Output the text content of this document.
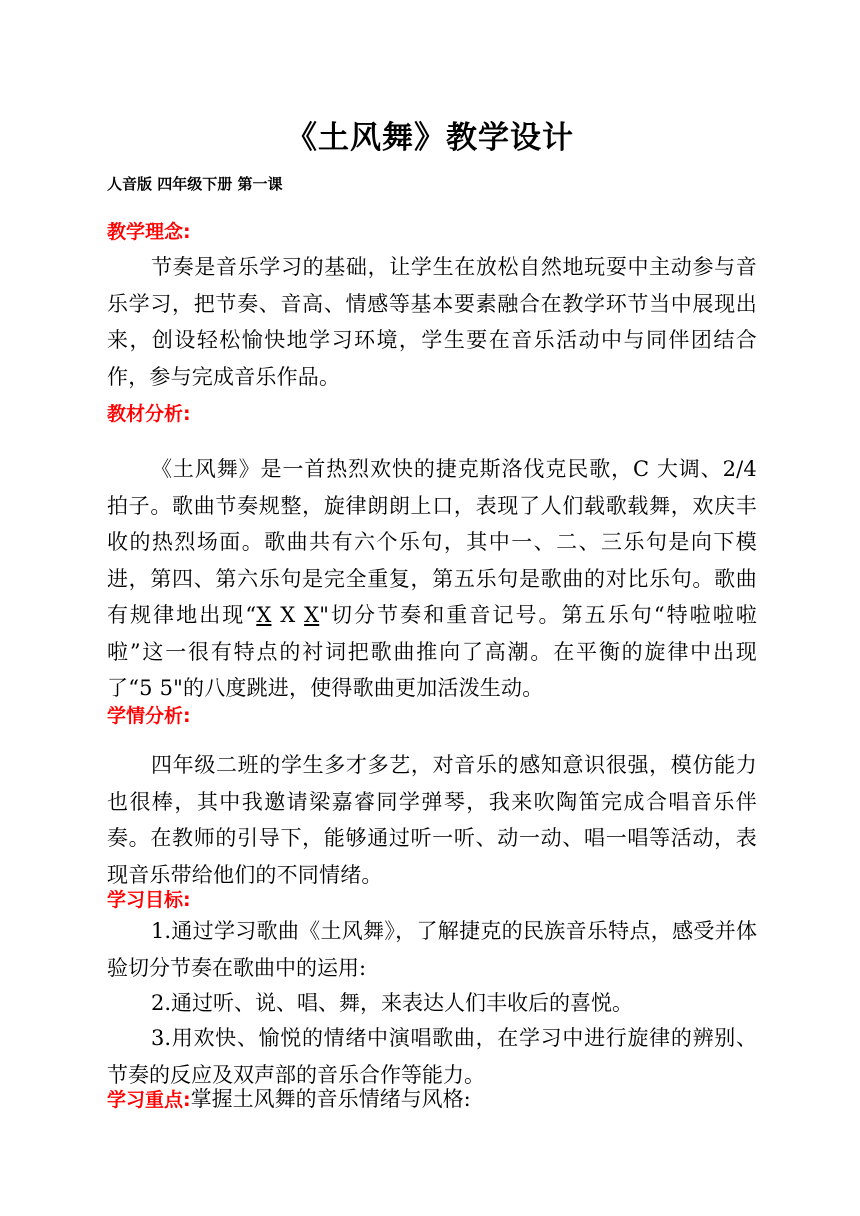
《土风舞》教学设计
人音版 四年级下册 第一课
教学理念:

节奏是音乐学习的基础，让学生在放松自然地玩耍中主动参与音乐学习，把节奏、音高、情感等基本要素融合在教学环节当中展现出来，创设轻松愉快地学习环境，学生要在音乐活动中与同伴团结合作，参与完成音乐作品。

教材分析:

《土风舞》是一首热烈欢快的捷克斯洛伐克民歌，C 大调、2/4 拍子。歌曲节奏规整，旋律朗朗上口，表现了人们载歌载舞，欢庆丰收的热烈场面。歌曲共有六个乐句，其中一、二、三乐句是向下模进，第四、第六乐句是完全重复，第五乐句是歌曲的对比乐句。歌曲有规律地出现“X X X"切分节奏和重音记号。第五乐句“特啦啦啦啦”这一很有特点的衬词把歌曲推向了高潮。在平衡的旋律中出现了“5 5"的八度跳进，使得歌曲更加活泼生动。

学情分析:

四年级二班的学生多才多艺，对音乐的感知意识很强，模仿能力也很棒，其中我邀请梁嘉睿同学弹琴，我来吹陶笛完成合唱音乐伴奏。在教师的引导下，能够通过听一听、动一动、唱一唱等活动，表现音乐带给他们的不同情绪。

学习目标:

1.通过学习歌曲《土风舞》，了解捷克的民族音乐特点，感受并体验切分节奏在歌曲中的运用:

2.通过听、说、唱、舞，来表达人们丰收后的喜悦。

3.用欢快、愉悦的情绪中演唱歌曲，在学习中进行旋律的辨别、节奏的反应及双声部的音乐合作等能力。

学习重点:掌握土风舞的音乐情绪与风格:
